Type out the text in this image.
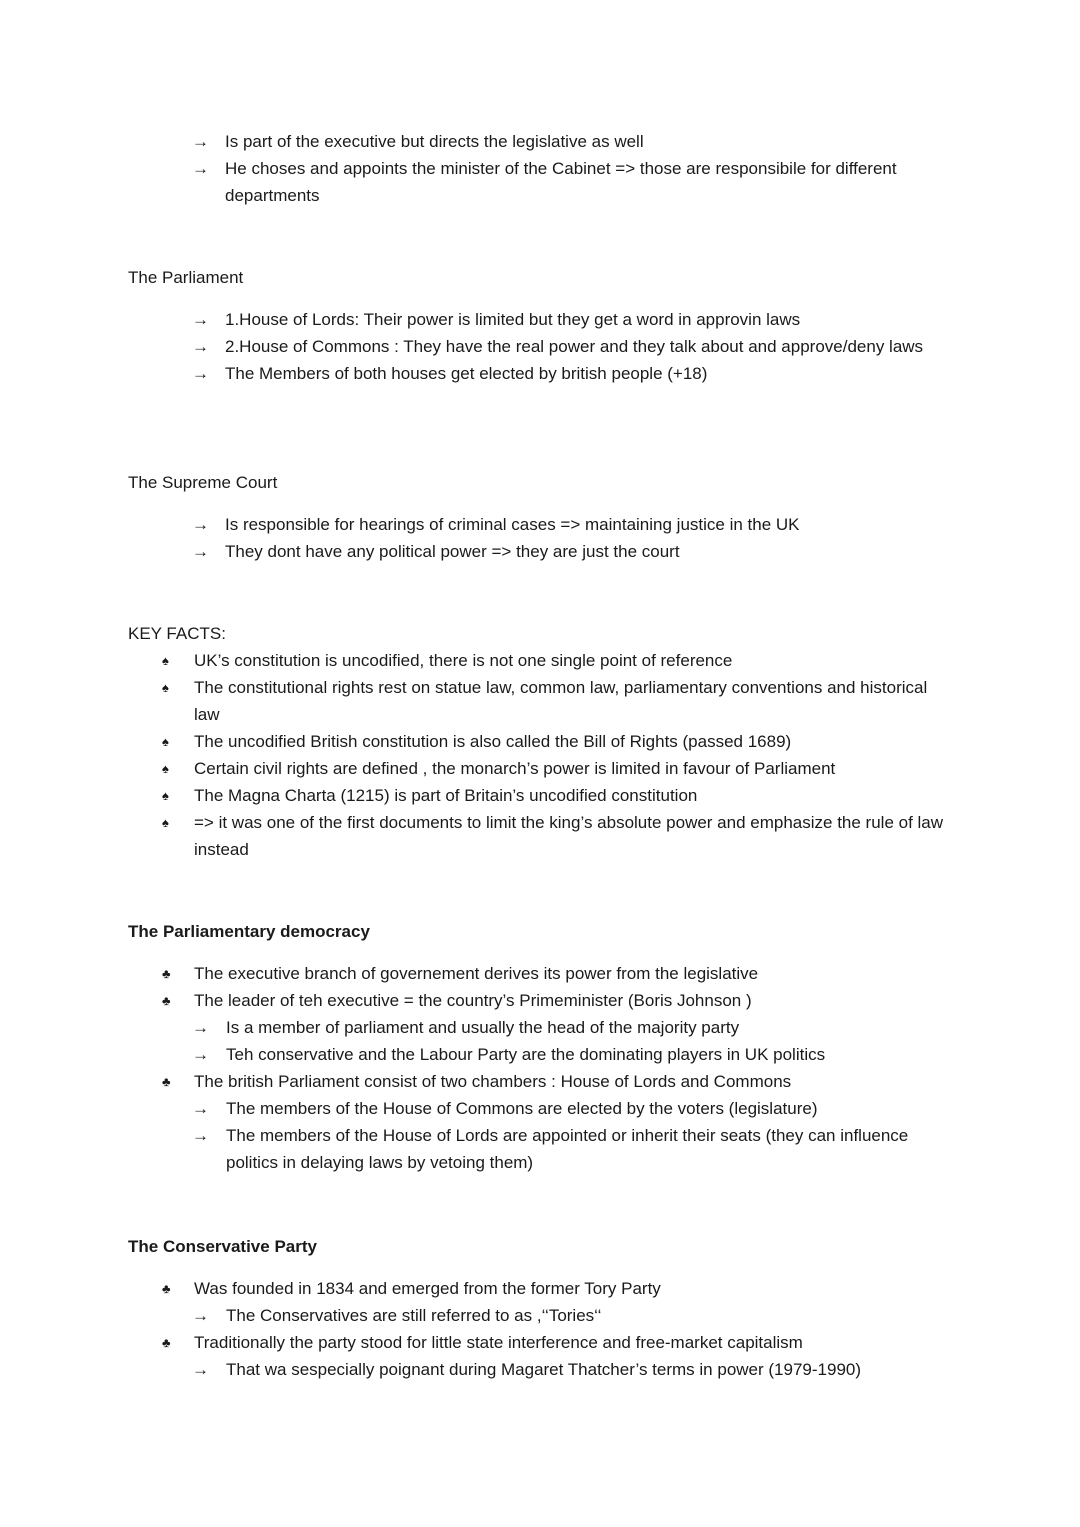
→ Is part of the executive but directs the legislative as well
→ He choses and appoints the minister of the Cabinet => those are responsibile for different departments
The Parliament
→ 1.House of Lords: Their power is limited but they get a word in approvin laws
→ 2.House of Commons : They have the real power and they talk about and approve/deny laws
→ The Members of both houses get elected by british people (+18)
The Supreme Court
→ Is responsible for hearings of criminal cases => maintaining justice in the UK
→ They dont have any political power => they are just the court
KEY FACTS:
♠	UK’s constitution is uncodified, there is not one single point of reference
♠	The constitutional rights rest on statue law, common law, parliamentary conventions and historical law
♠	The uncodified British constitution is also called the Bill of Rights (passed 1689)
♠	Certain civil rights are defined , the monarch’s power is limited in favour of Parliament
♠	The Magna Charta (1215) is part of Britain’s uncodified constitution
♠	=> it was one of the first documents to limit the king’s absolute power and emphasize the rule of law instead
The Parliamentary democracy
♣	The executive branch of governement derives its power from the legislative
♣	The leader of teh executive = the country’s Primeminister (Boris Johnson )
→ Is a member of parliament and usually the head of the majority party
→ Teh conservative and the Labour Party are the dominating players in UK politics
♣	The british Parliament consist of two chambers : House of Lords and Commons
→ The members of the House of Commons are elected by the voters (legislature)
→ The members of the House of Lords are appointed or inherit their seats (they can influence politics in delaying laws by vetoing them)
The Conservative Party
♣	Was founded in 1834 and emerged from the former Tory Party
→ The Conservatives are still referred to as ,‘‘Tories‘‘
♣	Traditionally the party stood for little state interference and free-market capitalism
→ That wa sespecially poignant during Magaret Thatcher’s terms in power (1979-1990)
